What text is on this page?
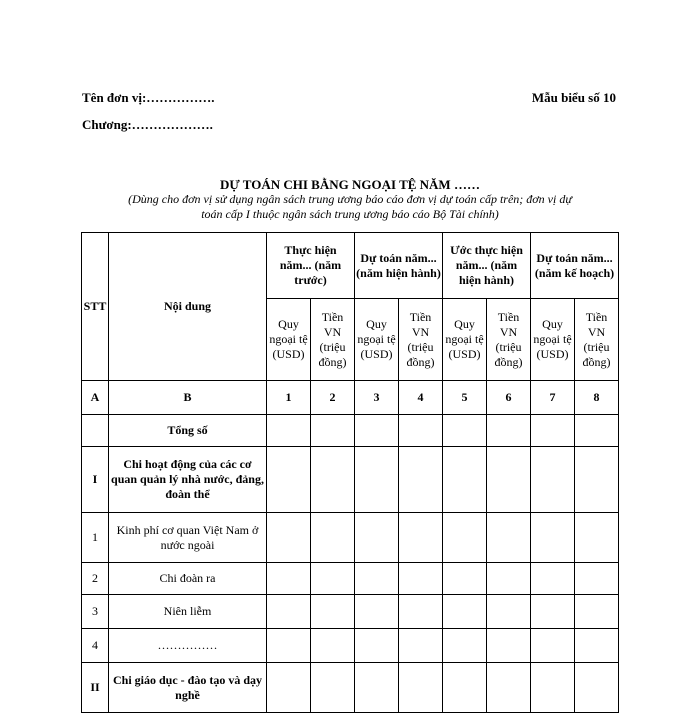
Tên đơn vị:…………….	Mẫu biểu số 10
Chương:……………….
DỰ TOÁN CHI BẰNG NGOẠI TỆ NĂM ……
(Dùng cho đơn vị sử dụng ngân sách trung ương báo cáo đơn vị dự toán cấp trên; đơn vị dự
toán cấp I thuộc ngân sách trung ương báo cáo Bộ Tài chính)
STT	Nội dung	Thực hiện năm... (năm trước)		Dự toán năm... (năm hiện hành)		Ước thực hiện năm... (năm hiện hành)		Dự toán năm... (năm kế hoạch)	
		Quy ngoại tệ (USD)	Tiền VN (triệu đồng)	Quy ngoại tệ (USD)	Tiền VN (triệu đồng)	Quy ngoại tệ (USD)	Tiền VN (triệu đồng)	Quy ngoại tệ (USD)	Tiền VN (triệu đồng)
A	B	1	2	3	4	5	6	7	8
	Tổng số								
I	Chi hoạt động của các cơ quan quản lý nhà nước, đảng, đoàn thể								
1	Kinh phí cơ quan Việt Nam ở nước ngoài								
2	Chi đoàn ra								
3	Niên liễm								
4	……………								
II	Chi giáo dục - đào tạo và dạy nghề								
